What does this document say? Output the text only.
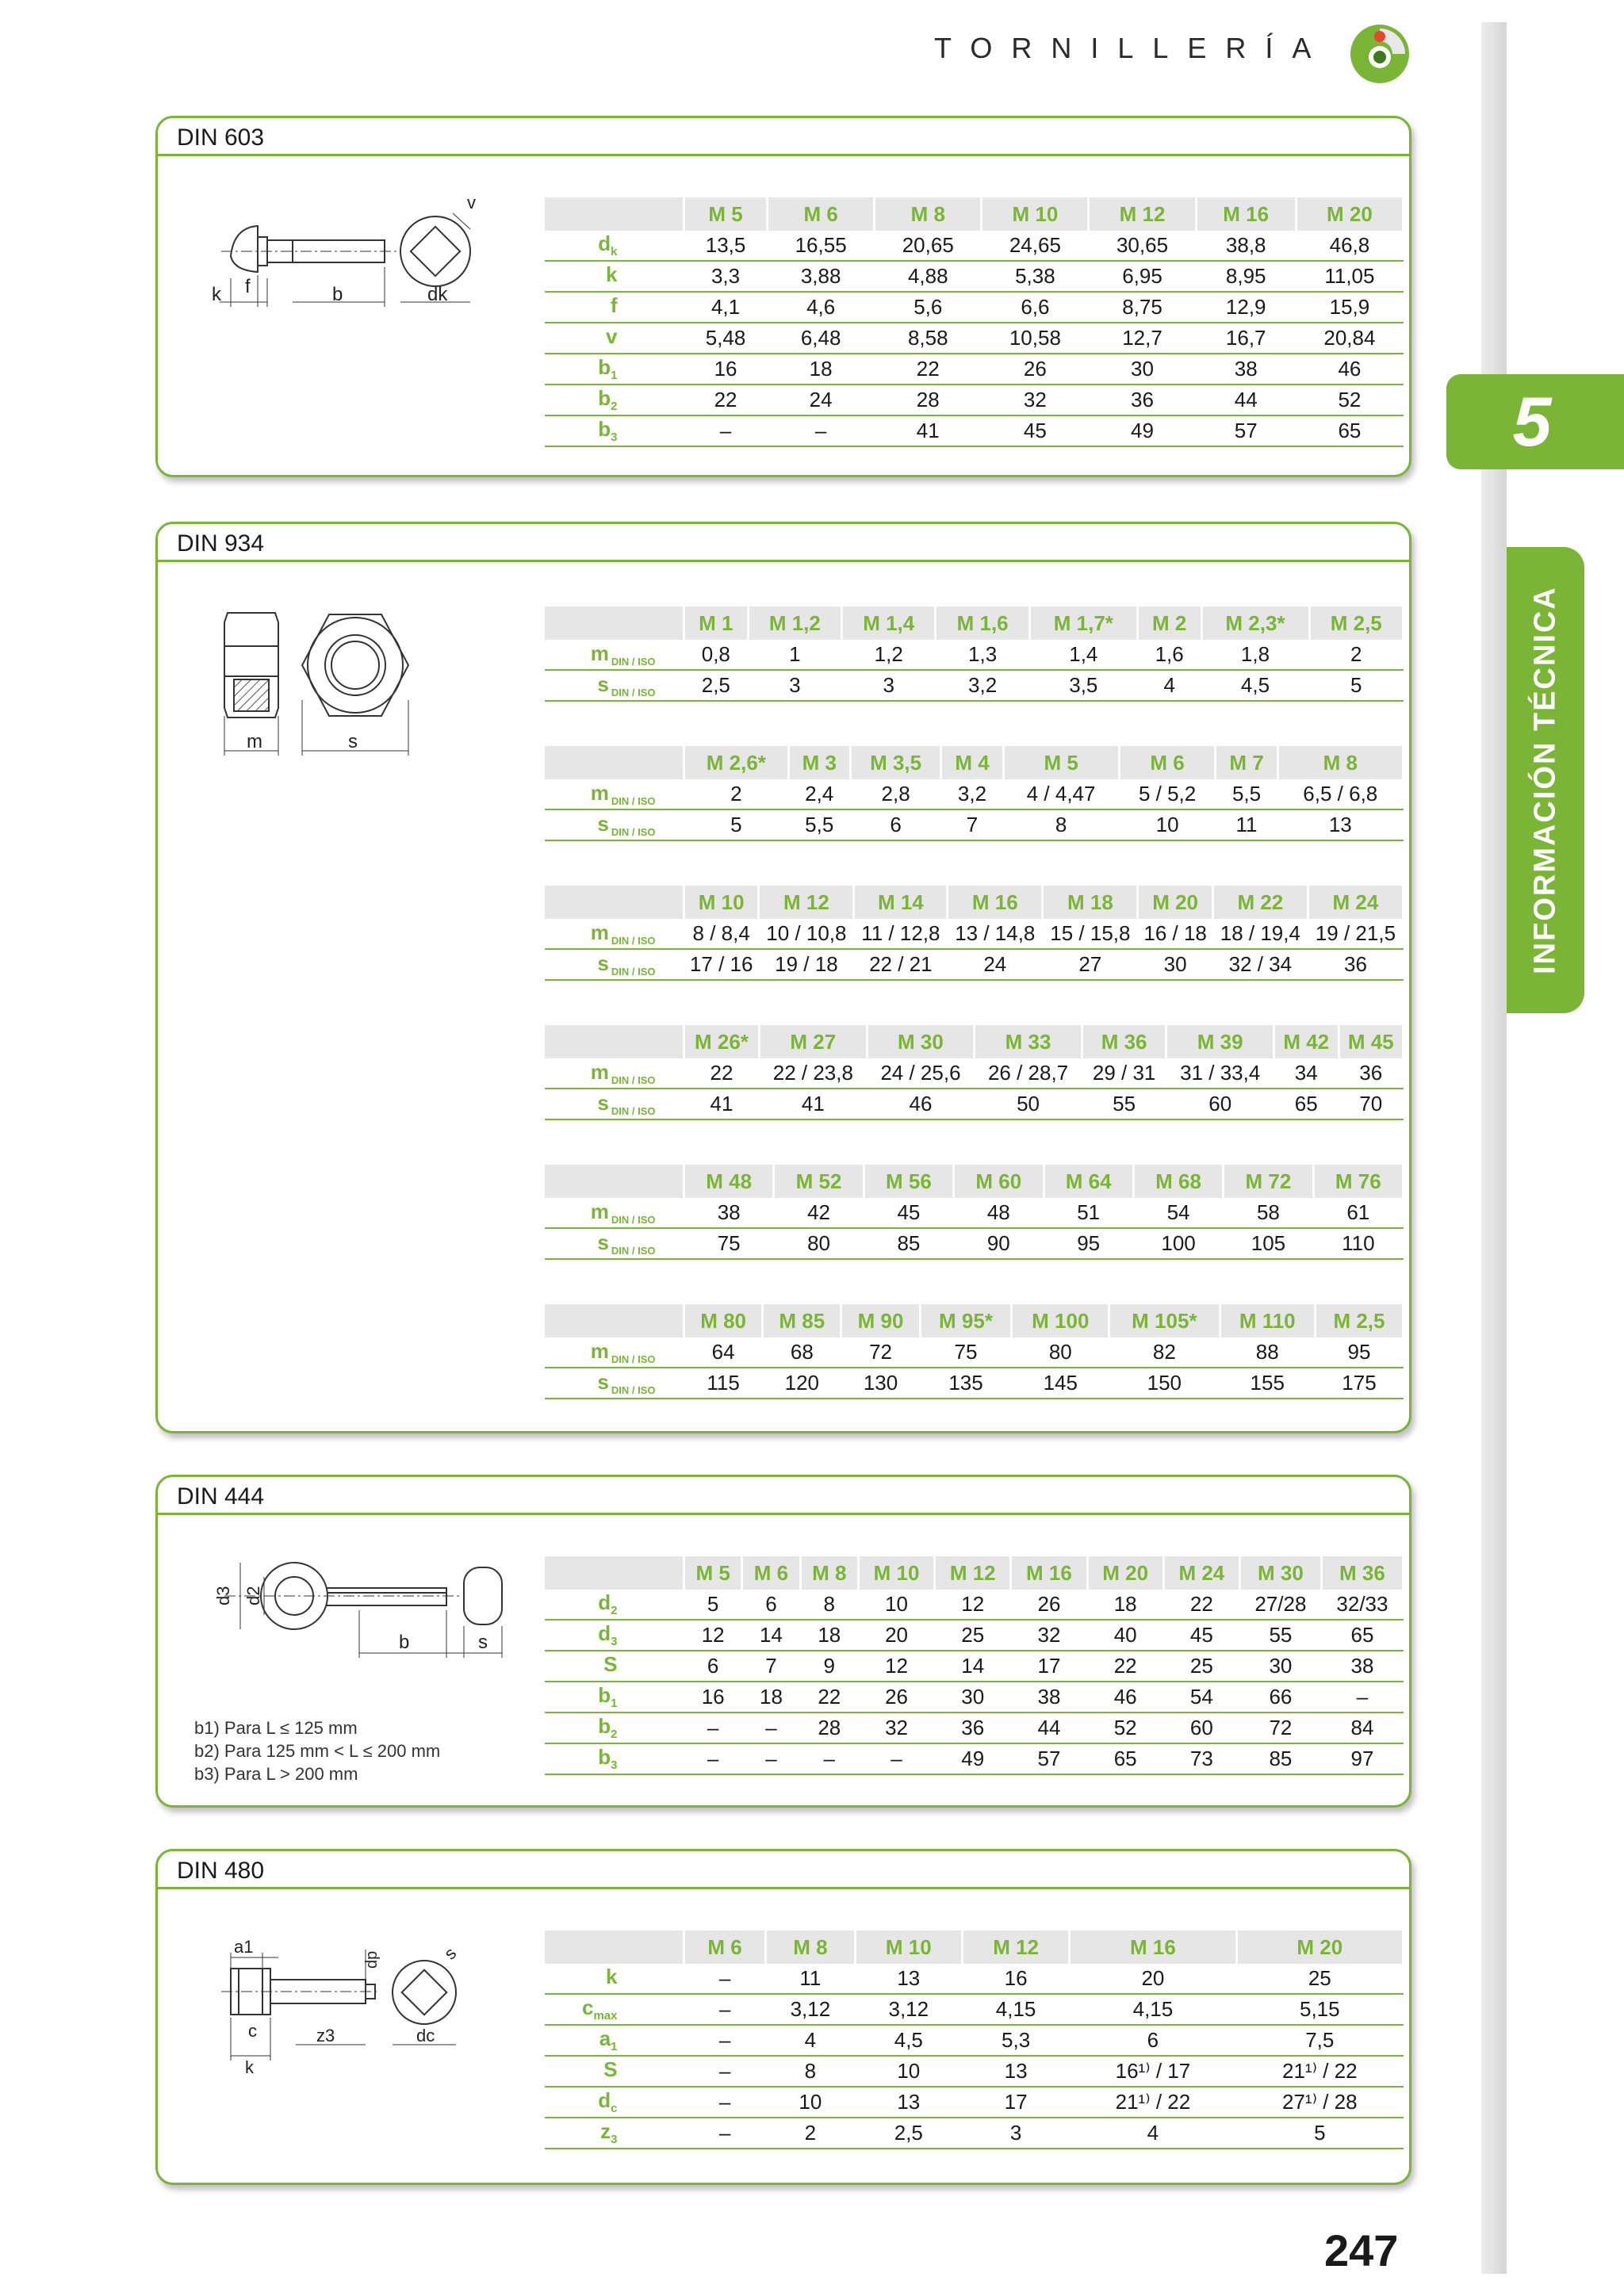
TORNILLERÍA
5
INFORMACIÓN TÉCNICA
DIN 603
k f	b	dk
v
		M 5	M 6	M 8	M 10	M 12	M 16	M 20
$d_k$	13,5	16,55	20,65	24,65	30,65	38,8	46,8
k	3,3	3,88	4,88	5,38	6,95	8,95	11,05
f	4,1	4,6	5,6	6,6	8,75	12,9	15,9
v	5,48	6,48	8,58	10,58	12,7	16,7	20,84
$b_1$	16	18	22	26	30	38	46
$b_2$	22	24	28	32	36	44	52
$b_3$	–	–	41	45	49	57	65
DIN 934
m	s
	M 1	M 1,2	M 1,4	M 1,6	M 1,7*	M 2	M 2,3*	M 2,5
m $_{DIN / ISO}$	0,8	1	1,2	1,3	1,4	1,6	1,8	2
s $_{DIN / ISO}$	2,5	3	3	3,2	3,5	4	4,5	5
	M 2,6*	M 3	M 3,5	M 4	M 5	M 6	M 7	M 8
m $_{DIN / ISO}$	2	2,4	2,8	3,2	4 / 4,47	5 / 5,2	5,5	6,5 / 6,8
s $_{DIN / ISO}$	5	5,5	6	7	8	10	11	13
	M 10	M 12	M 14	M 16	M 18	M 20	M 22	M 24
m $_{DIN / ISO}$	8 / 8,4	10 / 10,8	11 / 12,8	13 / 14,8	15 / 15,8	16 / 18	18 / 19,4	19 / 21,5
s $_{DIN / ISO}$	17 / 16	19 / 18	22 / 21	24	27	30	32 / 34	36
	M 26*	M 27	M 30	M 33	M 36	M 39	M 42	M 45
m $_{DIN / ISO}$	22	22 / 23,8	24 / 25,6	26 / 28,7	29 / 31	31 / 33,4	34	36
s $_{DIN / ISO}$	41	41	46	50	55	60	65	70
	M 48	M 52	M 56	M 60	M 64	M 68	M 72	M 76
m $_{DIN / ISO}$	38	42	45	48	51	54	58	61
s $_{DIN / ISO}$	75	80	85	90	95	100	105	110
	M 80	M 85	M 90	M 95*	M 100	M 105*	M 110	M 2,5
m $_{DIN / ISO}$	64	68	72	75	80	82	88	95
s $_{DIN / ISO}$	115	120	130	135	145	150	155	175
DIN 444
d3 d2
b	s
b1) Para L ≤ 125 mm
b2) Para 125 mm < L ≤ 200 mm
b3) Para L > 200 mm
	M 5	M 6	M 8	M 10	M 12	M 16	M 20	M 24	M 30	M 36
$d_2$	5	6	8	10	12	26	18	22	27/28	32/33
$d_3$	12	14	18	20	25	32	40	45	55	65
S	6	7	9	12	14	17	22	25	30	38
$b_1$	16	18	22	26	30	38	46	54	66	–
$b_2$	–	–	28	32	36	44	52	60	72	84
$b_3$	–	–	–	–	49	57	65	73	85	97
DIN 480
a1
dp	s
c	z3	dc
k
	M 6	M 8	M 10	M 12	M 16	M 20
k	–	11	13	16	20	25
$c_{max}$	–	3,12	3,12	4,15	4,15	5,15
$a_1$	–	4	4,5	5,3	6	7,5
S	–	8	10	13	16¹⁾ / 17	21¹⁾ / 22
$d_c$	–	10	13	17	21¹⁾ / 22	27¹⁾ / 28
$z_3$	–	2	2,5	3	4	5
247
